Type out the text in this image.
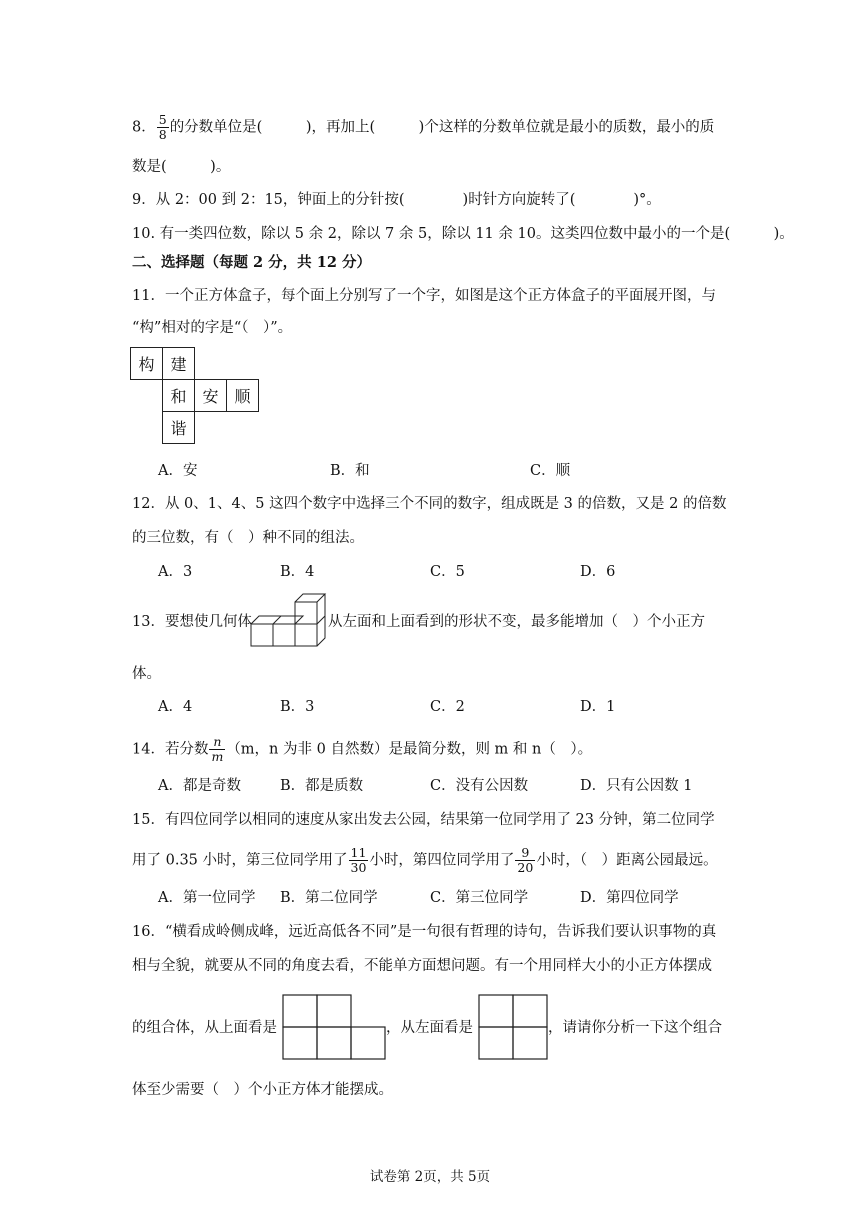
8． $\frac{5}{8}$ 的分数单位是(　　　)，再加上(　　　)个这样的分数单位就是最小的质数，最小的质
数是(　　　)。
9．从 2：00 到 2：15，钟面上的分针按(　　　　)时针方向旋转了(　　　　)°。
10. 有一类四位数，除以 5 余 2，除以 7 余 5，除以 11 余 10。这类四位数中最小的一个是(　　　)。
二、选择题（每题 2 分，共 12 分）
11．一个正方体盒子，每个面上分别写了一个字，如图是这个正方体盒子的平面展开图，与
“构”相对的字是“（　）”。
构 建
和 安 顺
谐
A．安	B．和	C．顺
12．从 0、1、4、5 这四个数字中选择三个不同的数字，组成既是 3 的倍数，又是 2 的倍数
的三位数，有（　）种不同的组法。
A．3	B．4	C．5	D．6
13．要想使几何体	从左面和上面看到的形状不变，最多能增加（　）个小正方
体。
A．4	B．3	C．2	D．1
14．若分数 $\frac{n}{m} (m$，n 为非 0 自然数）是最简分数，则 m 和 n（　）。
A．都是奇数	B．都是质数	C．没有公因数	D．只有公因数 1
15．有四位同学以相同的速度从家出发去公园，结果第一位同学用了 23 分钟，第二位同学
用了 0.35 小时，第三位同学用了 $\frac{11}{30}$ 小时，第四位同学用了 $\frac{9}{20}$ 小时，（　）距离公园最远。
A．第一位同学 B．第二位同学	C．第三位同学	D．第四位同学
16．“横看成岭侧成峰，远近高低各不同”是一句很有哲理的诗句，告诉我们要认识事物的真
相与全貌，就要从不同的角度去看，不能单方面想问题。有一个用同样大小的小正方体摆成
的组合体，从上面看是	，从左面看是	，请请你分析一下这个组合
体至少需要（　）个小正方体才能摆成。
试卷第 2页，共 5页
